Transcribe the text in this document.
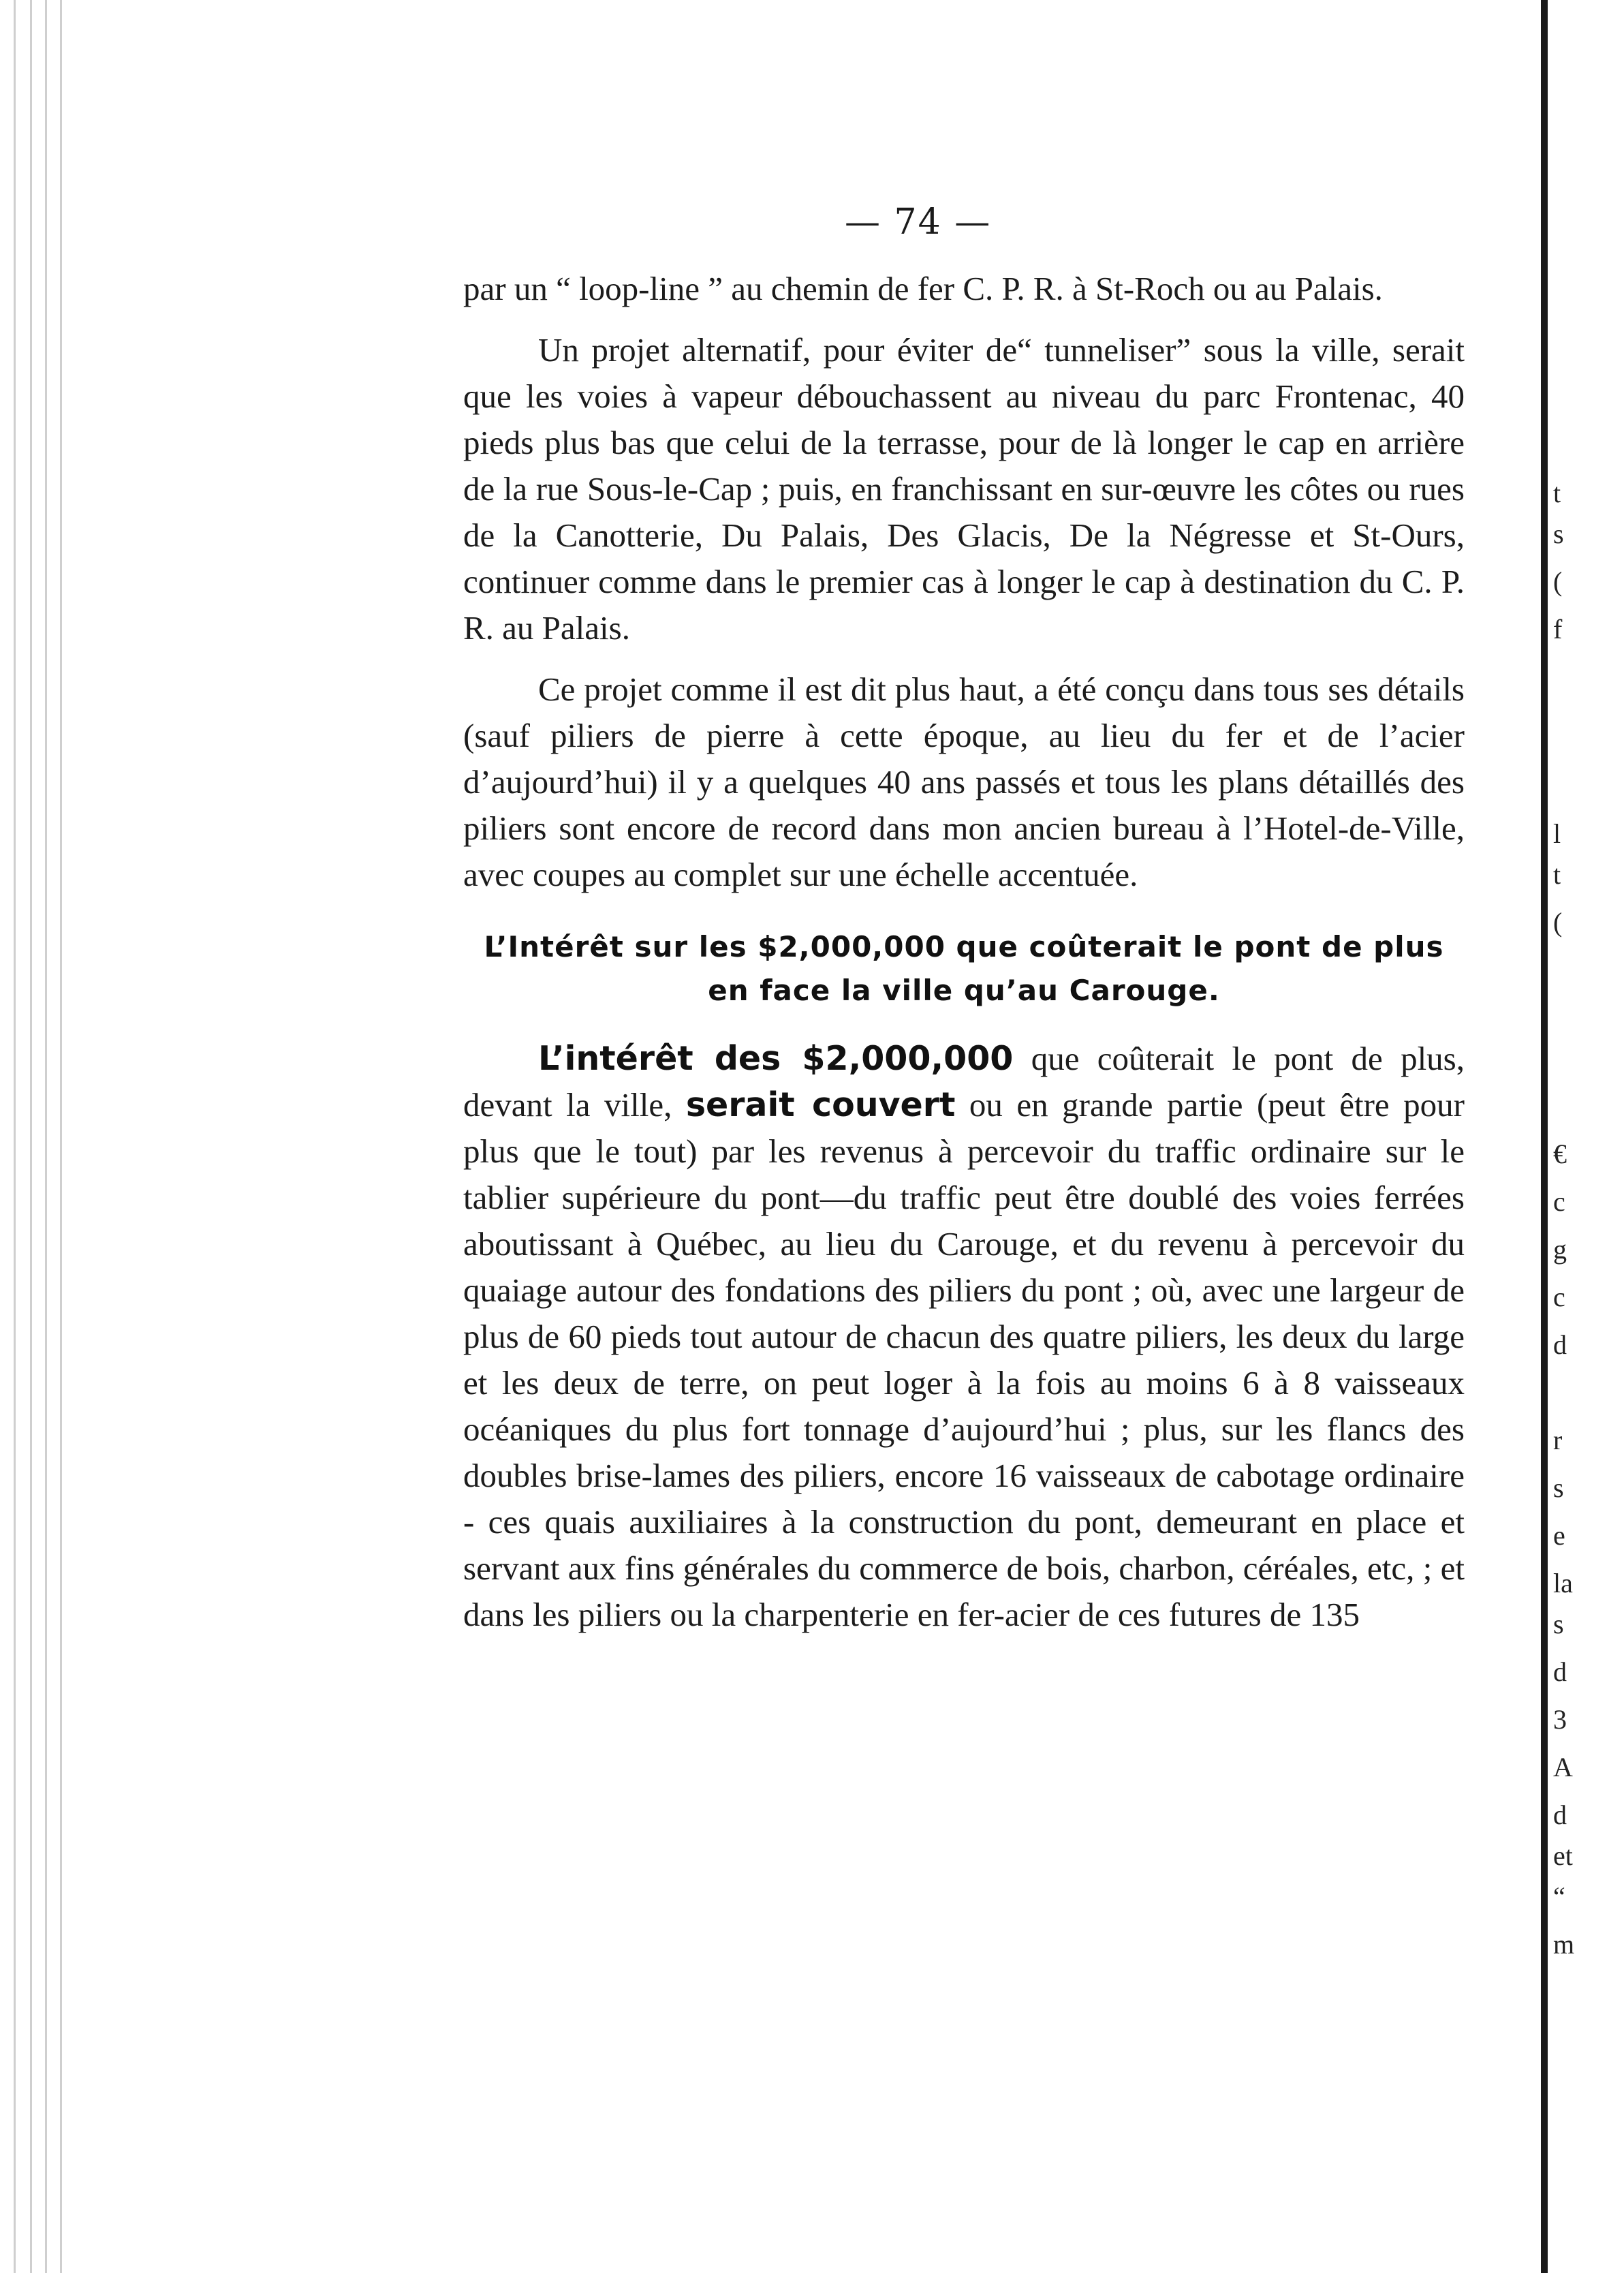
— 74 —

par un “ loop-line ” au chemin de fer C. P. R. à St-Roch ou au Palais.

Un projet alternatif, pour éviter de“ tunneliser” sous la ville, serait que les voies à vapeur débouchassent au niveau du parc Frontenac, 40 pieds plus bas que celui de la terrasse, pour de là longer le cap en arrière de la rue Sous-le-Cap ; puis, en franchissant en sur-œuvre les côtes ou rues de la Canotterie, Du Palais, Des Glacis, De la Négresse et St-Ours, continuer comme dans le premier cas à longer le cap à destination du C. P. R. au Palais.

Ce projet comme il est dit plus haut, a été conçu dans tous ses détails (sauf piliers de pierre à cette époque, au lieu du fer et de l’acier d’aujourd’hui) il y a quelques 40 ans passés et tous les plans détaillés des piliers sont encore de record dans mon ancien bureau à l’Hotel-de-Ville, avec coupes au complet sur une échelle accentuée.

L’Intérêt sur les $2,000,000 que coûterait le pont de plus en face la ville qu’au Carouge.

L’intérêt des $2,000,000 que coûterait le pont de plus, devant la ville, serait couvert ou en grande partie (peut être pour plus que le tout) par les revenus à percevoir du traffic ordinaire sur le tablier supérieure du pont—du traffic peut être doublé des voies ferrées aboutissant à Québec, au lieu du Carouge, et du revenu à percevoir du quaiage autour des fondations des piliers du pont ; où, avec une largeur de plus de 60 pieds tout autour de chacun des quatre piliers, les deux du large et les deux de terre, on peut loger à la fois au moins 6 à 8 vaisseaux océaniques du plus fort tonnage d’aujourd’hui ; plus, sur les flancs des doubles brise-lames des piliers, encore 16 vaisseaux de cabotage ordinaire - ces quais auxiliaires à la construction du pont, demeurant en place et servant aux fins générales du commerce de bois, charbon, céréales, etc, ; et dans les piliers ou la charpenterie en fer-acier de ces futures de 135

t
s
(
f
l
t
(
€
c
g
c
d
r
s
e
la
s
d
3
A
d
et
“
m
